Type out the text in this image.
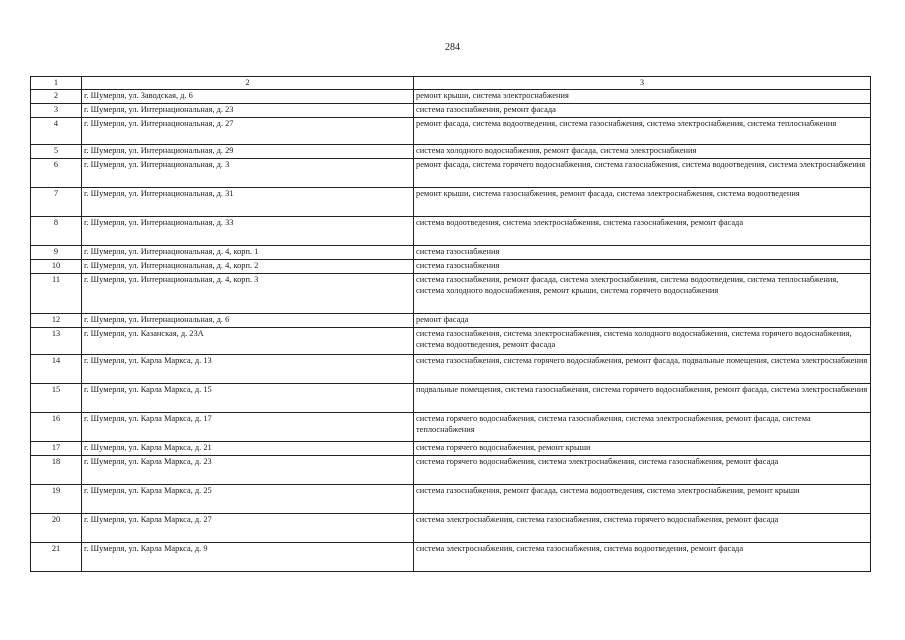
284
1	2	3
2	г. Шумерля, ул. Заводская, д. 6	ремонт крыши, система электроснабжения
3	г. Шумерля, ул. Интернациональная, д. 23	система газоснабжения, ремонт фасада
4	г. Шумерля, ул. Интернациональная, д. 27	ремонт фасада, система водоотведения, система газоснабжения, система электроснабжения, система теплоснабжения
5	г. Шумерля, ул. Интернациональная, д. 29	система холодного водоснабжения, ремонт фасада, система электроснабжения
6	г. Шумерля, ул. Интернациональная, д. 3	ремонт фасада, система горячего водоснабжения, система газоснабжения, система водоотведения, система электроснабжения
7	г. Шумерля, ул. Интернациональная, д. 31	ремонт крыши, система газоснабжения, ремонт фасада, система электроснабжения, система водоотведения
8	г. Шумерля, ул. Интернациональная, д. 33	система водоотведения, система электроснабжения, система газоснабжения, ремонт фасада
9	г. Шумерля, ул. Интернациональная, д. 4, корп. 1	система газоснабжения
10	г. Шумерля, ул. Интернациональная, д. 4, корп. 2	система газоснабжения
11	г. Шумерля, ул. Интернациональная, д. 4, корп. 3	система газоснабжения, ремонт фасада, система электроснабжения, система водоотведения, система теплоснабжения, система холодного водоснабжения, ремонт крыши, система горячего водоснабжения
12	г. Шумерля, ул. Интернациональная, д. 6	ремонт фасада
13	г. Шумерля, ул. Казанская, д. 23А	система газоснабжения, система электроснабжения, система холодного водоснабжения, система горячего водоснабжения, система водоотведения, ремонт фасада
14	г. Шумерля, ул. Карла Маркса, д. 13	система газоснабжения, система горячего водоснабжения, ремонт фасада, подвальные помещения, система электроснабжения
15	г. Шумерля, ул. Карла Маркса, д. 15	подвальные помещения, система газоснабжения, система горячего водоснабжения, ремонт фасада, система электроснабжения
16	г. Шумерля, ул. Карла Маркса, д. 17	система горячего водоснабжения, система газоснабжения, система электроснабжения, ремонт фасада, система теплоснабжения
17	г. Шумерля, ул. Карла Маркса, д. 21	система горячего водоснабжения, ремонт крыши
18	г. Шумерля, ул. Карла Маркса, д. 23	система горячего водоснабжения, система электроснабжения, система газоснабжения, ремонт фасада
19	г. Шумерля, ул. Карла Маркса, д. 25	система газоснабжения, ремонт фасада, система водоотведения, система электроснабжения, ремонт крыши
20	г. Шумерля, ул. Карла Маркса, д. 27	система электроснабжения, система газоснабжения, система горячего водоснабжения, ремонт фасада
21	г. Шумерля, ул. Карла Маркса, д. 9	система электроснабжения, система газоснабжения, система водоотведения, ремонт фасада
